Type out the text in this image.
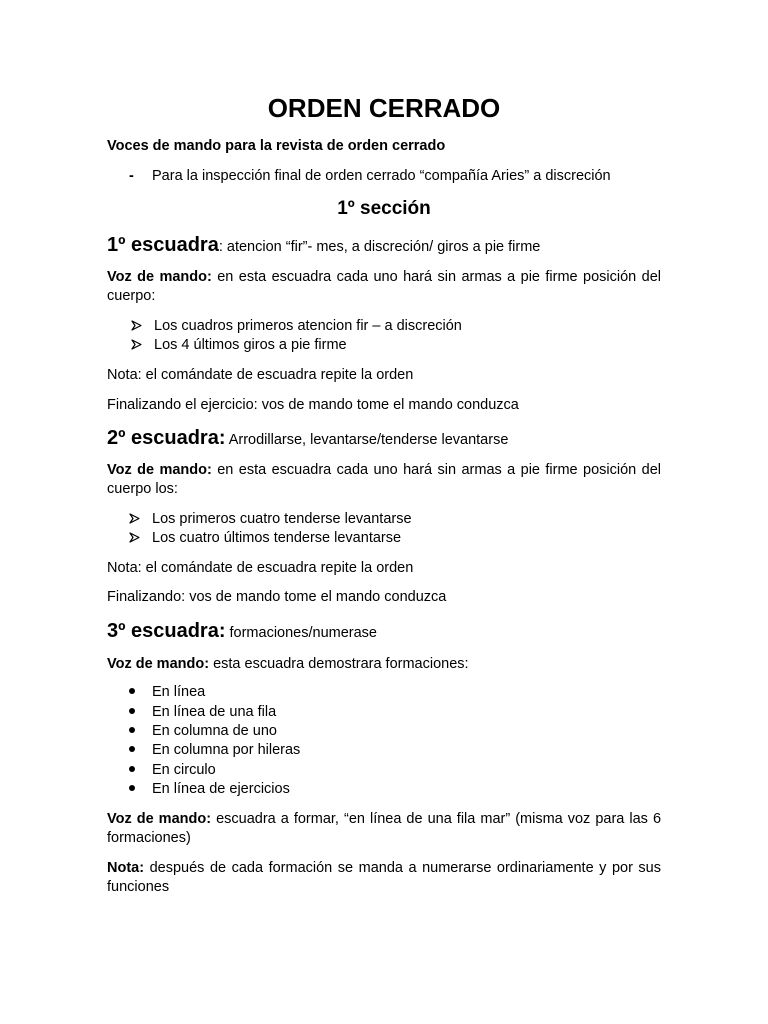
ORDEN CERRADO
Voces de mando para la revista de orden cerrado
- Para la inspección final de orden cerrado “compañía Aries” a discreción
1º sección
1º escuadra: atencion “fir”- mes, a discreción/ giros a pie firme

Voz de mando: en esta escuadra cada uno hará sin armas a pie firme posición del cuerpo:

Los cuadros primeros atencion fir – a discreción
Los 4 últimos giros a pie firme
Nota: el comándate de escuadra repite la orden
Finalizando el ejercicio: vos de mando tome el mando conduzca
2º escuadra: Arrodillarse, levantarse/tenderse levantarse

Voz de mando: en esta escuadra cada uno hará sin armas a pie firme posición del cuerpo los:

Los primeros cuatro tenderse levantarse
Los cuatro últimos tenderse levantarse
Nota: el comándate de escuadra repite la orden
Finalizando: vos de mando tome el mando conduzca
3º escuadra: formaciones/numerase
Voz de mando: esta escuadra demostrara formaciones:
En línea
En línea de una fila
En columna de uno
En columna por hileras
En circulo
En línea de ejercicios

Voz de mando: escuadra a formar, “en línea de una fila mar” (misma voz para las 6 formaciones)

Nota: después de cada formación se manda a numerarse ordinariamente y por sus funciones
